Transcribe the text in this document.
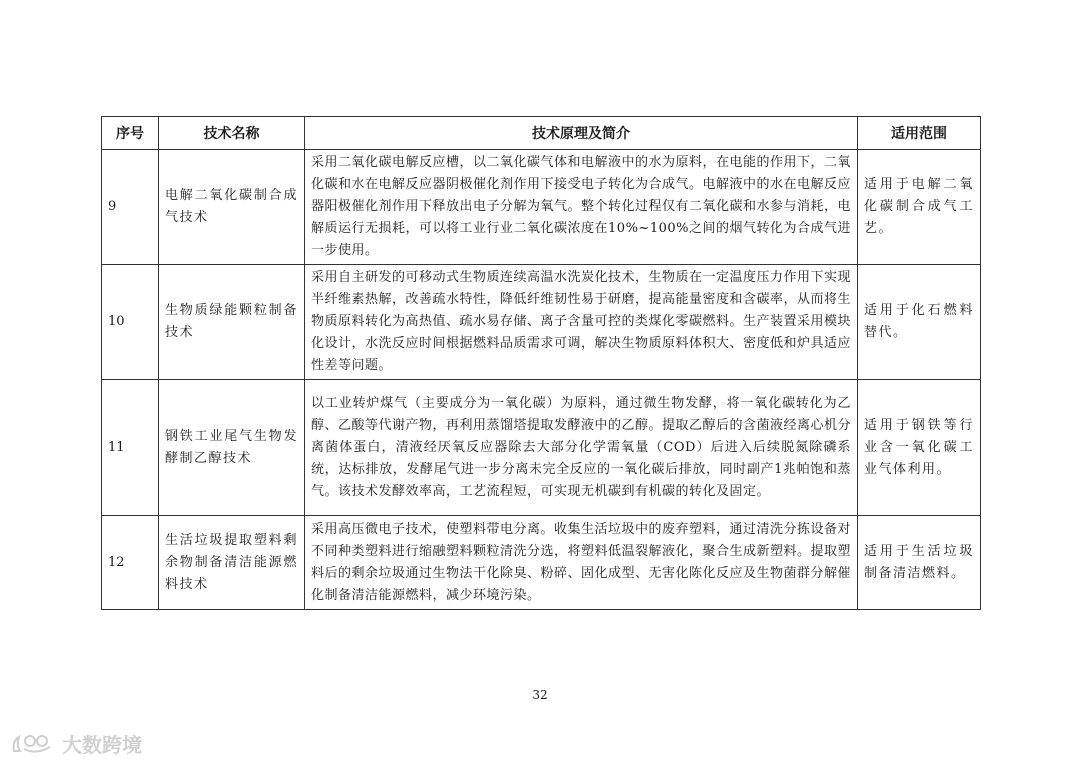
序号	技术名称	技术原理及简介	适用范围
9	电解二氧化碳制合成气技术	采用二氧化碳电解反应槽，以二氧化碳气体和电解液中的水为原料，在电能的作用下，二氧化碳和水在电解反应器阴极催化剂作用下接受电子转化为合成气。电解液中的水在电解反应器阳极催化剂作用下释放出电子分解为氧气。整个转化过程仅有二氧化碳和水参与消耗，电解质运行无损耗，可以将工业行业二氧化碳浓度在10%~100%之间的烟气转化为合成气进一步使用。	适用于电解二氧化碳制合成气工艺。
10	生物质绿能颗粒制备技术	采用自主研发的可移动式生物质连续高温水洗炭化技术，生物质在一定温度压力作用下实现半纤维素热解，改善疏水特性，降低纤维韧性易于研磨，提高能量密度和含碳率，从而将生物质原料转化为高热值、疏水易存储、离子含量可控的类煤化零碳燃料。生产装置采用模块化设计，水洗反应时间根据燃料品质需求可调，解决生物质原料体积大、密度低和炉具适应性差等问题。	适用于化石燃料替代。
11	钢铁工业尾气生物发酵制乙醇技术	以工业转炉煤气（主要成分为一氧化碳）为原料，通过微生物发酵，将一氧化碳转化为乙醇、乙酸等代谢产物，再利用蒸馏塔提取发酵液中的乙醇。提取乙醇后的含菌液经离心机分离菌体蛋白，清液经厌氧反应器除去大部分化学需氧量（COD）后进入后续脱氮除磷系统，达标排放，发酵尾气进一步分离未完全反应的一氧化碳后排放，同时副产1兆帕饱和蒸气。该技术发酵效率高，工艺流程短，可实现无机碳到有机碳的转化及固定。	适用于钢铁等行业含一氧化碳工业气体利用。
12	生活垃圾提取塑料剩余物制备清洁能源燃料技术	采用高压微电子技术，使塑料带电分离。收集生活垃圾中的废弃塑料，通过清洗分拣设备对不同种类塑料进行缩融塑料颗粒清洗分选，将塑料低温裂解液化，聚合生成新塑料。提取塑料后的剩余垃圾通过生物法干化除臭、粉碎、固化成型、无害化陈化反应及生物菌群分解催化制备清洁能源燃料，减少环境污染。	适用于生活垃圾制备清洁燃料。
32
大数跨境
